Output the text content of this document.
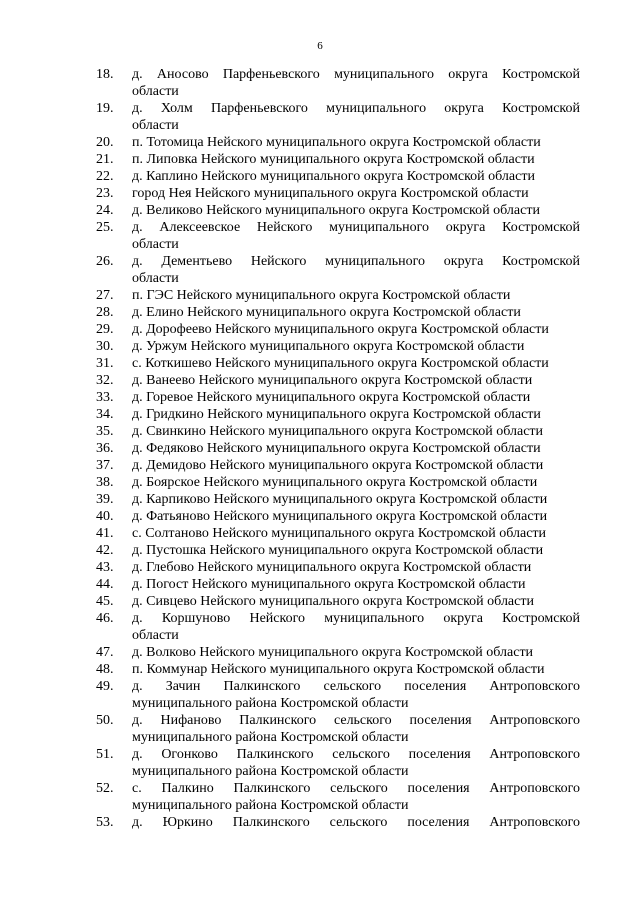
6
18.	д. Аносово Парфеньевского муниципального округа Костромской
области
19.	д. Холм Парфеньевского муниципального округа Костромской
области
20.	п. Тотомица Нейского муниципального округа Костромской области
21.	п. Липовка Нейского муниципального округа Костромской области
22.	д. Каплино Нейского муниципального округа Костромской области
23.	город Нея Нейского муниципального округа Костромской области
24.	д. Великово Нейского муниципального округа Костромской области
25.	д. Алексеевское Нейского муниципального округа Костромской
области
26.	д. Дементьево Нейского муниципального округа Костромской
области
27.	п. ГЭС Нейского муниципального округа Костромской области
28.	д. Елино Нейского муниципального округа Костромской области
29.	д. Дорофеево Нейского муниципального округа Костромской области
30.	д. Уржум Нейского муниципального округа Костромской области
31.	с. Коткишево Нейского муниципального округа Костромской области
32.	д. Ванеево Нейского муниципального округа Костромской области
33.	д. Горевое Нейского муниципального округа Костромской области
34.	д. Гридкино Нейского муниципального округа Костромской области
35.	д. Свинкино Нейского муниципального округа Костромской области
36.	д. Федяково Нейского муниципального округа Костромской области
37.	д. Демидово Нейского муниципального округа Костромской области
38.	д. Боярское Нейского муниципального округа Костромской области
39.	д. Карпиково Нейского муниципального округа Костромской области
40.	д. Фатьяново Нейского муниципального округа Костромской области
41.	с. Солтаново Нейского муниципального округа Костромской области
42.	д. Пустошка Нейского муниципального округа Костромской области
43.	д. Глебово Нейского муниципального округа Костромской области
44.	д. Погост Нейского муниципального округа Костромской области
45.	д. Сивцево Нейского муниципального округа Костромской области
46.	д. Коршуново Нейского муниципального округа Костромской
области
47.	д. Волково Нейского муниципального округа Костромской области
48.	п. Коммунар Нейского муниципального округа Костромской области
49.	д. Зачин Палкинского сельского поселения Антроповского
муниципального района Костромской области
50.	д. Нифаново Палкинского сельского поселения Антроповского
муниципального района Костромской области
51.	д. Огонково Палкинского сельского поселения Антроповского
муниципального района Костромской области
52.	с. Палкино Палкинского сельского поселения Антроповского
муниципального района Костромской области
53.	д. Юркино Палкинского сельского поселения Антроповского
